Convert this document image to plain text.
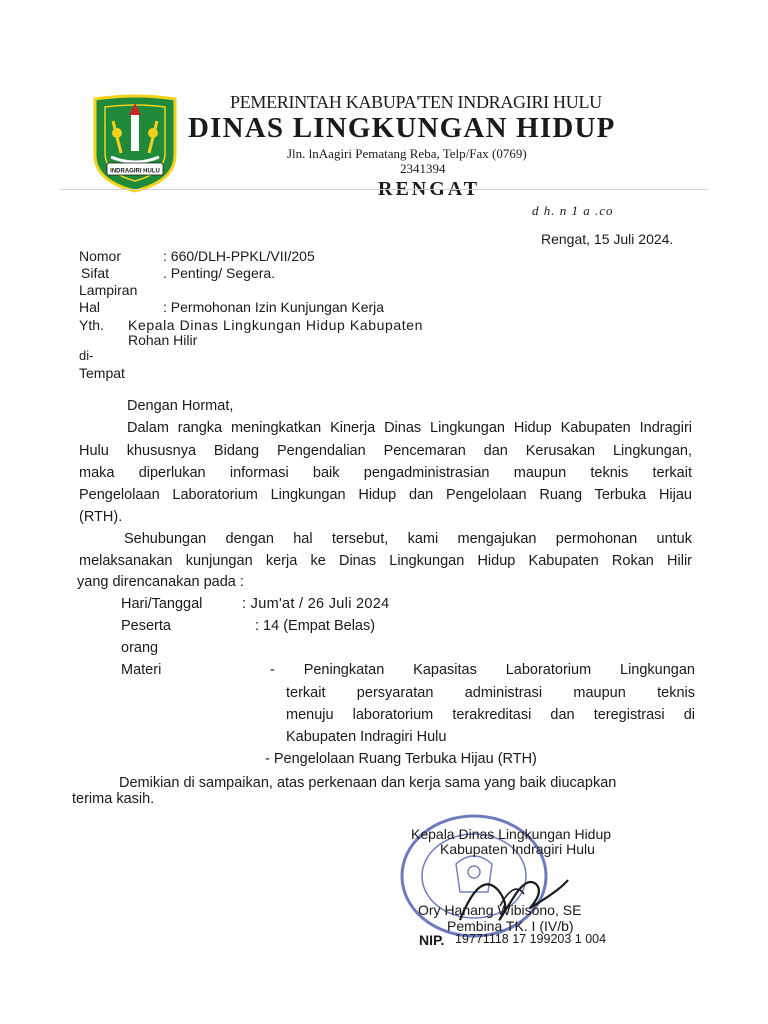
INDRAGIRI HULU
PEMERINTAH KABUPA'TEN INDRAGIRI HULU
DINAS LINGKUNGAN HIDUP
Jln. lnAagiri Pematang Reba, Telp/Fax (0769)
2341394
RENGAT
d h. n 1 a .co
Rengat, 15 Juli 2024.
Nomor	: 660/DLH-PPKL/VII/205
Sifat	. Penting/ Segera.
Lampiran
Hal	: Permohonan Izin Kunjungan Kerja
Yth. Kepala Dinas Lingkungan Hidup Kabupaten
Rohan Hilir
di-
Tempat
Dengan Hormat,
Dalam rangka meningkatkan Kinerja Dinas Lingkungan Hidup Kabupaten Indragiri
Hulu khususnya Bidang Pengendalian Pencemaran dan Kerusakan Lingkungan,
maka diperlukan informasi baik pengadministrasian maupun teknis terkait
Pengelolaan Laboratorium Lingkungan Hidup dan Pengelolaan Ruang Terbuka Hijau
(RTH).
Sehubungan dengan hal tersebut, kami mengajukan permohonan untuk
melaksanakan kunjungan kerja ke Dinas Lingkungan Hidup Kabupaten Rokan Hilir
yang direncanakan pada :
Hari/Tanggal	: Jum'at / 26 Juli 2024
Peserta	: 14 (Empat Belas)
orang
Materi	- Peningkatan Kapasitas Laboratorium Lingkungan
terkait persyaratan administrasi maupun teknis
menuju laboratorium terakreditasi dan teregistrasi di
Kabupaten Indragiri Hulu
- Pengelolaan Ruang Terbuka Hijau (RTH)
Demikian di sampaikan, atas perkenaan dan kerja sama yang baik diucapkan
terima kasih.
Kepala Dinas Lingkungan Hidup
Kabupaten Indragiri Hulu
Ory Hanang Wibisono, SE
Pembina TK. I (IV/b)
NIP. 19771118 17 199203 1 004
